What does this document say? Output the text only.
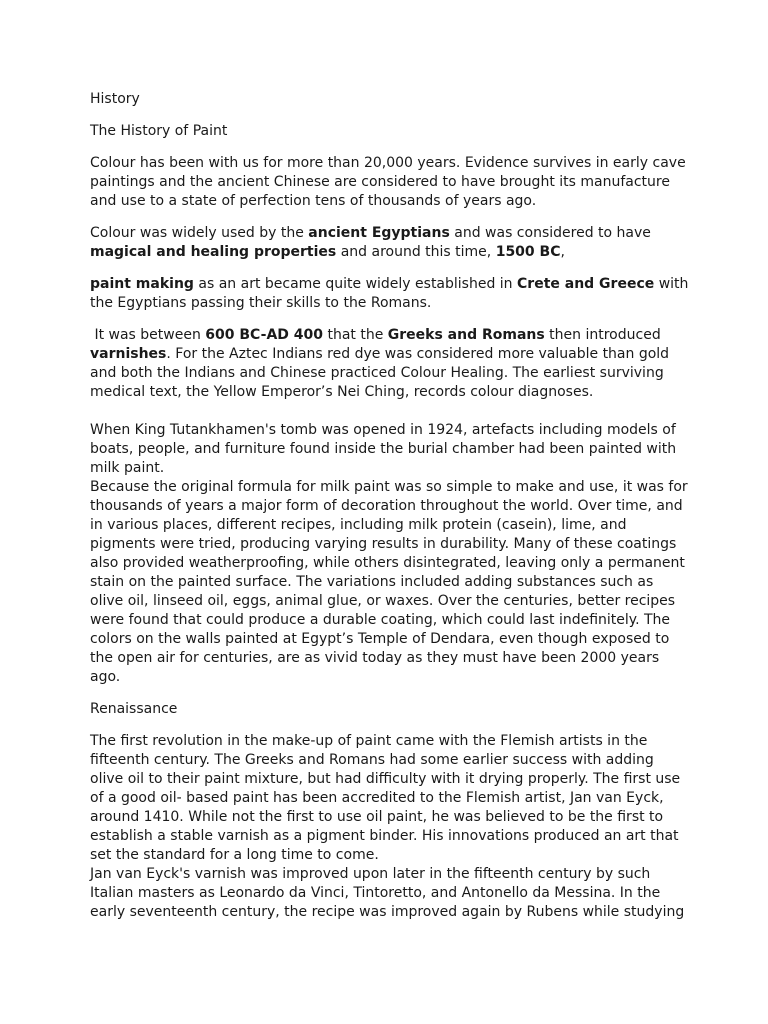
History

The History of Paint

Colour has been with us for more than 20,000 years. Evidence survives in early cave paintings and the ancient Chinese are considered to have brought its manufacture and use to a state of perfection tens of thousands of years ago.

Colour was widely used by the ancient Egyptians and was considered to have magical and healing properties and around this time, 1500 BC,

paint making as an art became quite widely established in Crete and Greece with the Egyptians passing their skills to the Romans.

It was between 600 BC-AD 400 that the Greeks and Romans then introduced varnishes. For the Aztec Indians red dye was considered more valuable than gold and both the Indians and Chinese practiced Colour Healing. The earliest surviving medical text, the Yellow Emperor’s Nei Ching, records colour diagnoses.

When King Tutankhamen's tomb was opened in 1924, artefacts including models of boats, people, and furniture found inside the burial chamber had been painted with milk paint.

Because the original formula for milk paint was so simple to make and use, it was for thousands of years a major form of decoration throughout the world. Over time, and in various places, different recipes, including milk protein (casein), lime, and pigments were tried, producing varying results in durability. Many of these coatings also provided weatherproofing, while others disintegrated, leaving only a permanent stain on the painted surface. The variations included adding substances such as olive oil, linseed oil, eggs, animal glue, or waxes. Over the centuries, better recipes were found that could produce a durable coating, which could last indefinitely. The colors on the walls painted at Egypt’s Temple of Dendara, even though exposed to the open air for centuries, are as vivid today as they must have been 2000 years ago.

Renaissance

The first revolution in the make-up of paint came with the Flemish artists in the fifteenth century. The Greeks and Romans had some earlier success with adding olive oil to their paint mixture, but had difficulty with it drying properly. The first use of a good oil- based paint has been accredited to the Flemish artist, Jan van Eyck, around 1410. While not the first to use oil paint, he was believed to be the first to establish a stable varnish as a pigment binder. His innovations produced an art that set the standard for a long time to come.

Jan van Eyck's varnish was improved upon later in the fifteenth century by such Italian masters as Leonardo da Vinci, Tintoretto, and Antonello da Messina. In the early seventeenth century, the recipe was improved again by Rubens while studying
